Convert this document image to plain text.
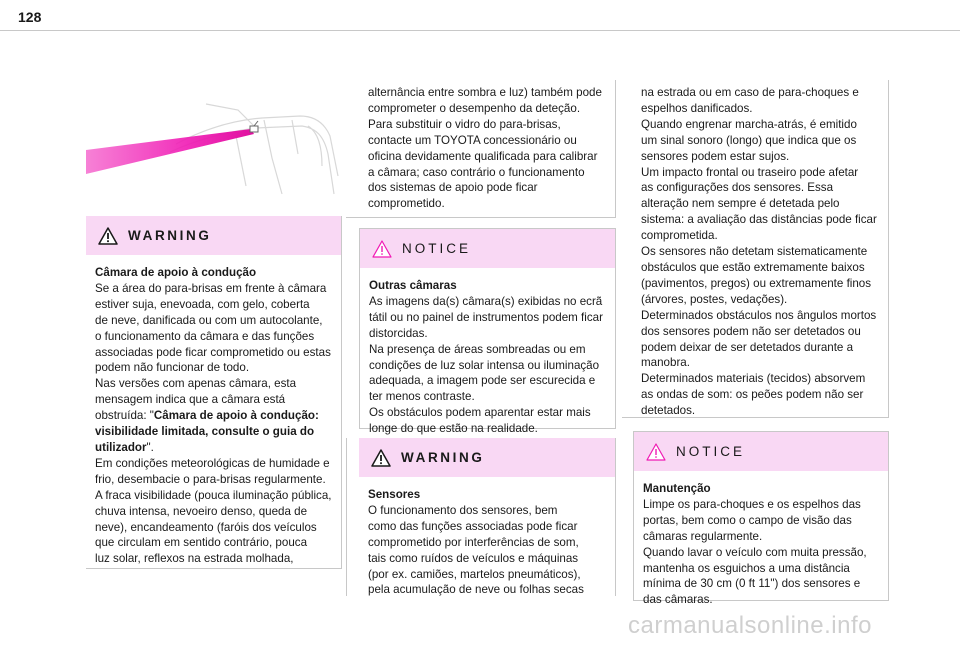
128
WARNING

Câmara de apoio à condução

Se a área do para-brisas em frente à câmara

estiver suja, enevoada, com gelo, coberta

de neve, danificada ou com um autocolante,

o funcionamento da câmara e das funções

associadas pode ficar comprometido ou estas

podem não funcionar de todo.

Nas versões com apenas câmara, esta

mensagem indica que a câmara está

obstruída: "Câmara de apoio à condução:

visibilidade limitada, consulte o guia do

utilizador".

Em condições meteorológicas de humidade e

frio, desembacie o para-brisas regularmente.

A fraca visibilidade (pouca iluminação pública,

chuva intensa, nevoeiro denso, queda de

neve), encandeamento (faróis dos veículos

que circulam em sentido contrário, pouca

luz solar, reflexos na estrada molhada,

alternância entre sombra e luz) também pode

comprometer o desempenho da deteção.

Para substituir o vidro do para-brisas,

contacte um TOYOTA concessionário ou

oficina devidamente qualificada para calibrar

a câmara; caso contrário o funcionamento

dos sistemas de apoio pode ficar

comprometido.

NOTICE

Outras câmaras

As imagens da(s) câmara(s) exibidas no ecrã

tátil ou no painel de instrumentos podem ficar

distorcidas.

Na presença de áreas sombreadas ou em

condições de luz solar intensa ou iluminação

adequada, a imagem pode ser escurecida e

ter menos contraste.

Os obstáculos podem aparentar estar mais

longe do que estão na realidade.

WARNING

Sensores

O funcionamento dos sensores, bem

como das funções associadas pode ficar

comprometido por interferências de som,

tais como ruídos de veículos e máquinas

(por ex. camiões, martelos pneumáticos),

pela acumulação de neve ou folhas secas

na estrada ou em caso de para-choques e

espelhos danificados.

Quando engrenar marcha-atrás, é emitido

um sinal sonoro (longo) que indica que os

sensores podem estar sujos.

Um impacto frontal ou traseiro pode afetar

as configurações dos sensores. Essa

alteração nem sempre é detetada pelo

sistema: a avaliação das distâncias pode ficar

comprometida.

Os sensores não detetam sistematicamente

obstáculos que estão extremamente baixos

(pavimentos, pregos) ou extremamente finos

(árvores, postes, vedações).

Determinados obstáculos nos ângulos mortos

dos sensores podem não ser detetados ou

podem deixar de ser detetados durante a

manobra.

Determinados materiais (tecidos) absorvem

as ondas de som: os peões podem não ser

detetados.

NOTICE

Manutenção

Limpe os para-choques e os espelhos das

portas, bem como o campo de visão das

câmaras regularmente.

Quando lavar o veículo com muita pressão,

mantenha os esguichos a uma distância

mínima de 30 cm (0 ft 11") dos sensores e

das câmaras.

carmanualsonline.info
